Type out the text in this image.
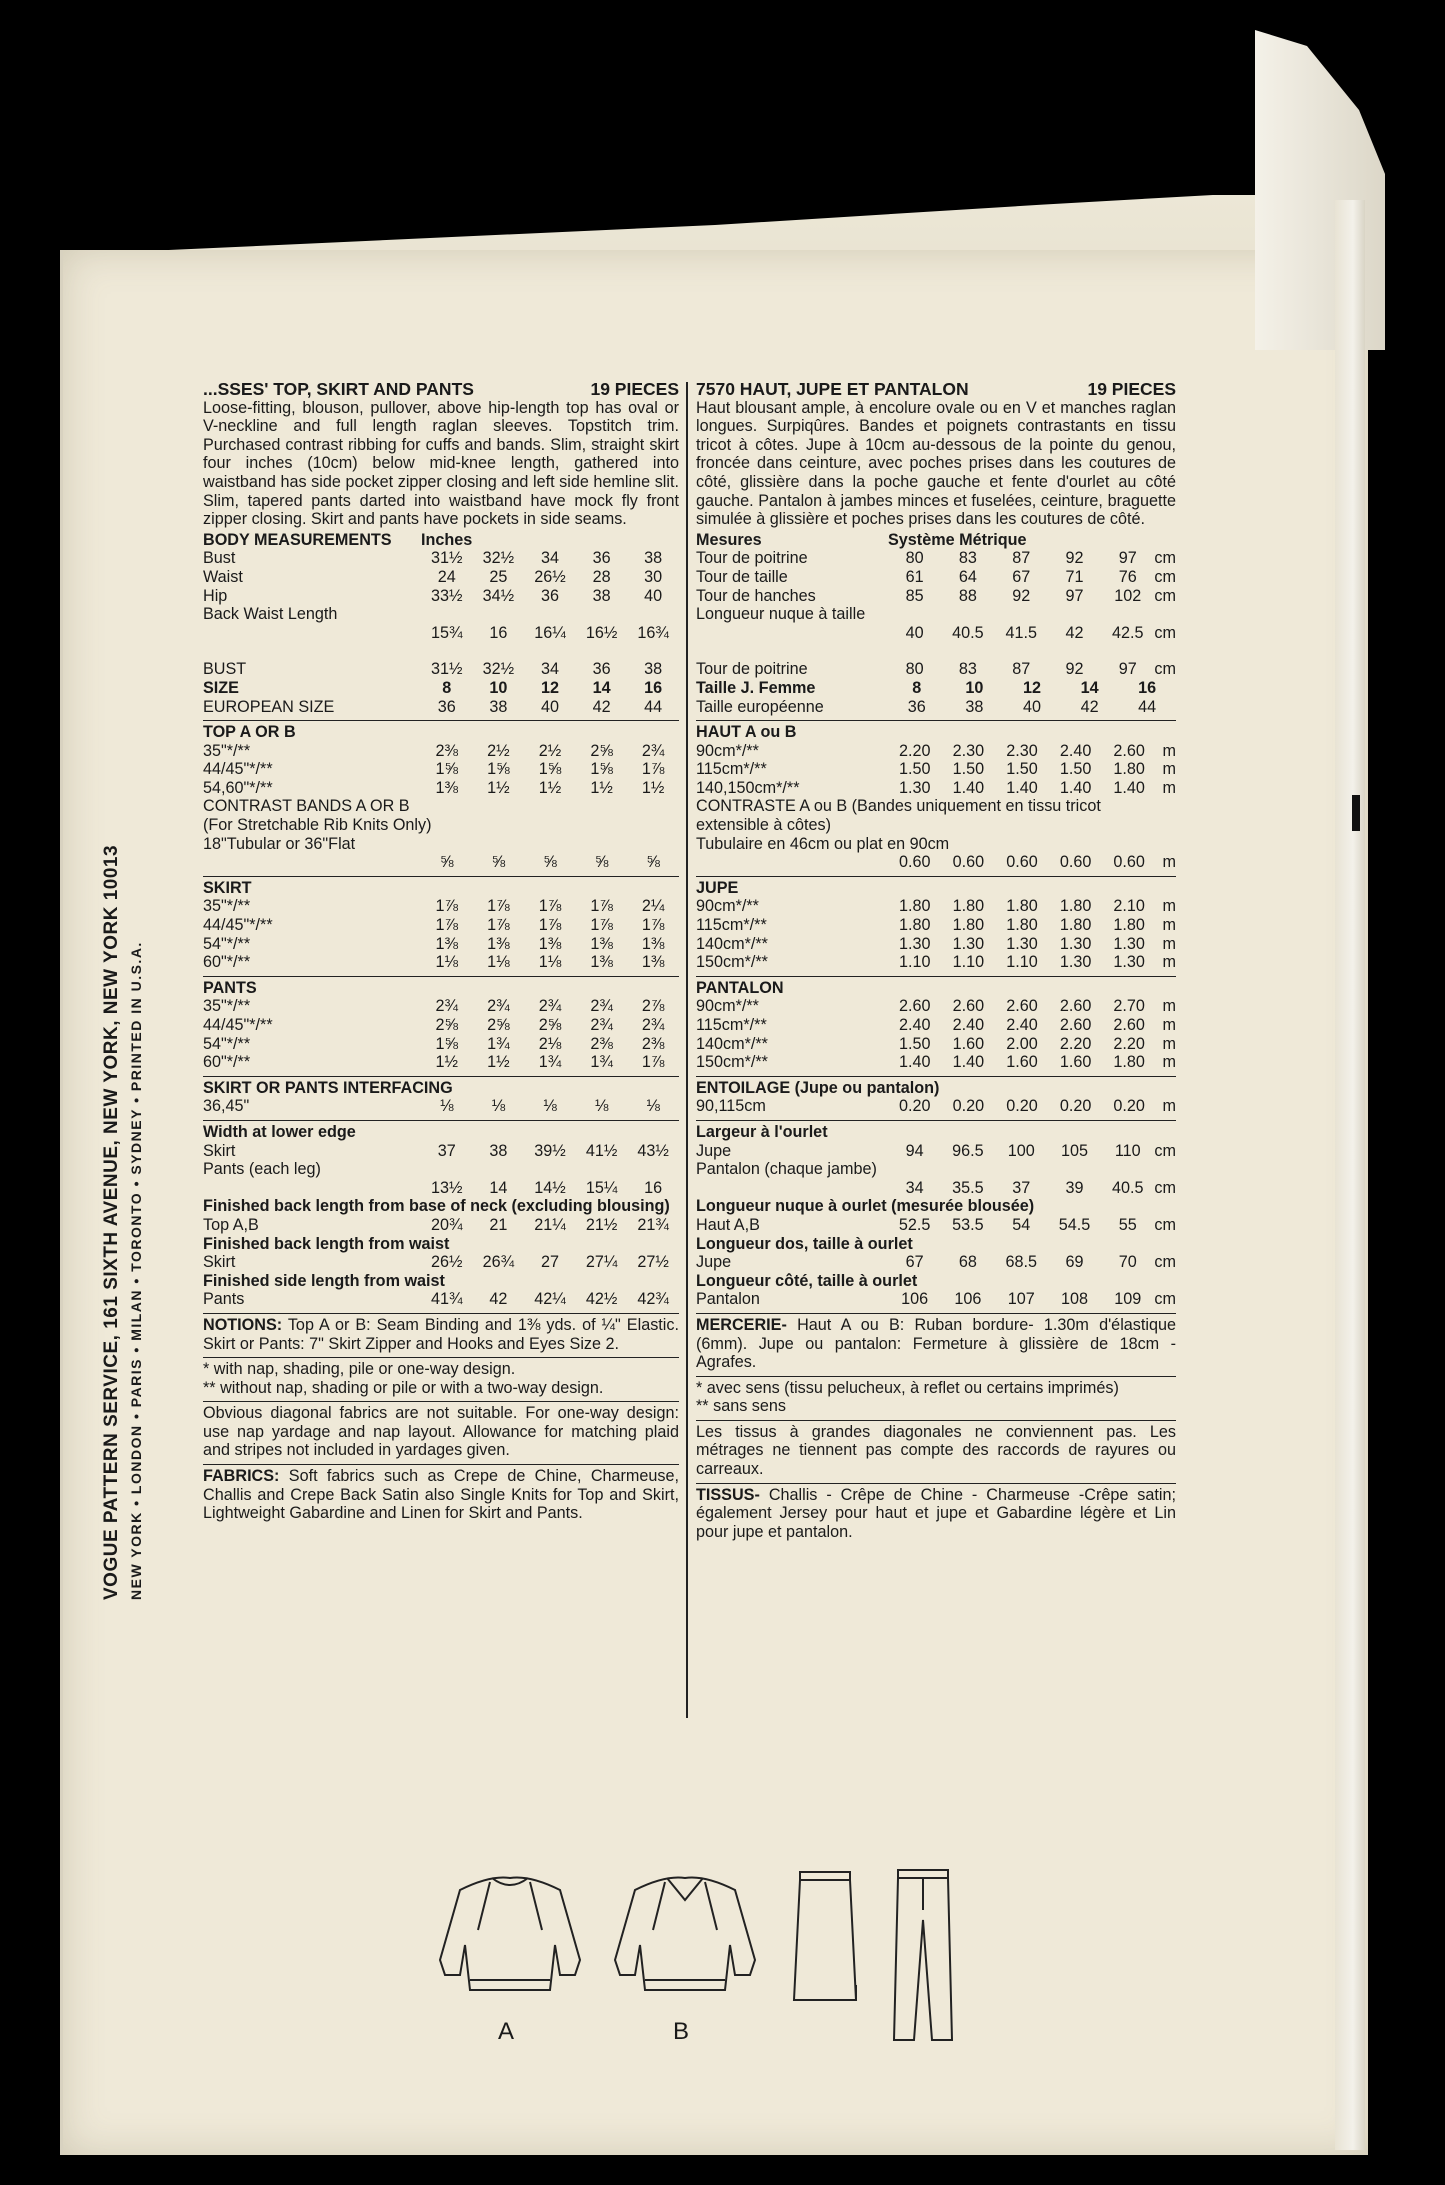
VOGUE PATTERN SERVICE, 161 SIXTH AVENUE, NEW YORK, NEW YORK 10013 NEW YORK • LONDON • PARIS • MILAN • TORONTO • SYDNEY • PRINTED IN U.S.A.
...SSES' TOP, SKIRT AND PANTS	19 PIECES
Loose-fitting, blouson, pullover, above hip-length top has oval or V-neckline and full length raglan sleeves. Topstitch trim. Purchased contrast ribbing for cuffs and bands. Slim, straight skirt four inches (10cm) below mid-knee length, gathered into waistband has side pocket zipper closing and left side hemline slit. Slim, tapered pants darted into waistband have mock fly front zipper closing. Skirt and pants have pockets in side seams.
BODY MEASUREMENTS	Inches
Bust	31½	32½	34	36	38
Waist	24	25	26½	28	30
Hip	33½	34½	36	38	40
Back Waist Length
15¾	16	16¼	16½	16¾
BUST	31½	32½	34	36	38
SIZE	8	10	12	14	16
EUROPEAN SIZE	36	38	40	42	44
TOP A OR B
35"*/**	2⅜	2½	2½	2⅝	2¾
44/45"*/**	1⅝	1⅝	1⅝	1⅝	1⅞
54,60"*/**	1⅜	1½	1½	1½	1½
CONTRAST BANDS A OR B
(For Stretchable Rib Knits Only)
18"Tubular or 36"Flat
⅝	⅝	⅝	⅝	⅝
SKIRT
35"*/**	1⅞	1⅞	1⅞	1⅞	2¼
44/45"*/**	1⅞	1⅞	1⅞	1⅞	1⅞
54"*/**	1⅜	1⅜	1⅜	1⅜	1⅜
60"*/**	1⅛	1⅛	1⅛	1⅜	1⅜
PANTS
35"*/**	2¾	2¾	2¾	2¾	2⅞
44/45"*/**	2⅝	2⅝	2⅝	2¾	2¾
54"*/**	1⅝	1¾	2⅛	2⅜	2⅜
60"*/**	1½	1½	1¾	1¾	1⅞
SKIRT OR PANTS INTERFACING
36,45"	⅛	⅛	⅛	⅛	⅛
Width at lower edge
Skirt	37	38	39½	41½	43½
Pants (each leg)
13½	14	14½	15¼	16
Finished back length from base of neck (excluding blousing)
Top A,B	20¾	21	21¼	21½	21¾
Finished back length from waist
Skirt	26½	26¾	27	27¼	27½
Finished side length from waist
Pants	41¾	42	42¼	42½	42¾
NOTIONS: Top A or B: Seam Binding and 1⅜ yds. of ¼" Elastic. Skirt or Pants: 7" Skirt Zipper and Hooks and Eyes Size 2.
* with nap, shading, pile or one-way design.
** without nap, shading or pile or with a two-way design.
Obvious diagonal fabrics are not suitable. For one-way design: use nap yardage and nap layout. Allowance for matching plaid and stripes not included in yardages given.
FABRICS: Soft fabrics such as Crepe de Chine, Charmeuse, Challis and Crepe Back Satin also Single Knits for Top and Skirt, Lightweight Gabardine and Linen for Skirt and Pants.
7570 HAUT, JUPE ET PANTALON	19 PIECES
Haut blousant ample, à encolure ovale ou en V et manches raglan longues. Surpiqûres. Bandes et poignets contrastants en tissu tricot à côtes. Jupe à 10cm au-dessous de la pointe du genou, froncée dans ceinture, avec poches prises dans les coutures de côté, glissière dans la poche gauche et fente d'ourlet au côté gauche. Pantalon à jambes minces et fuselées, ceinture, braguette simulée à glissière et poches prises dans les coutures de côté.
Mesures	Système Métrique
Tour de poitrine	80	83	87	92	97	cm
Tour de taille	61	64	67	71	76	cm
Tour de hanches	85	88	92	97	102 cm
Longueur nuque à taille
40	40.5	41.5	42	42.5 cm
Tour de poitrine	80	83	87	92	97	cm
Taille J. Femme	8	10	12	14	16
Taille européenne	36	38	40	42	44
HAUT A ou B
90cm*/**	2.20	2.30	2.30	2.40	2.60	m
115cm*/**	1.50	1.50	1.50	1.50	1.80	m
140,150cm*/**	1.30	1.40	1.40	1.40	1.40	m
CONTRASTE A ou B (Bandes uniquement en tissu tricot extensible à côtes)
Tubulaire en 46cm ou plat en 90cm
0.60	0.60	0.60	0.60	0.60	m
JUPE
90cm*/**	1.80	1.80	1.80	1.80	2.10	m
115cm*/**	1.80	1.80	1.80	1.80	1.80	m
140cm*/**	1.30	1.30	1.30	1.30	1.30	m
150cm*/**	1.10	1.10	1.10	1.30	1.30	m
PANTALON
90cm*/**	2.60	2.60	2.60	2.60	2.70	m
115cm*/**	2.40	2.40	2.40	2.60	2.60	m
140cm*/**	1.50	1.60	2.00	2.20	2.20	m
150cm*/**	1.40	1.40	1.60	1.60	1.80	m
ENTOILAGE (Jupe ou pantalon)
90,115cm	0.20	0.20	0.20	0.20	0.20	m
Largeur à l'ourlet
Jupe	94	96.5	100	105	110 cm
Pantalon (chaque jambe)
34	35.5	37	39	40.5 cm
Longueur nuque à ourlet (mesurée blousée)
Haut A,B	52.5	53.5	54	54.5	55	cm
Longueur dos, taille à ourlet
Jupe	67	68	68.5	69	70	cm
Longueur côté, taille à ourlet
Pantalon	106	106	107	108	109 cm
MERCERIE- Haut A ou B: Ruban bordure- 1.30m d'élastique (6mm). Jupe ou pantalon: Fermeture à glissière de 18cm - Agrafes.
* avec sens (tissu pelucheux, à reflet ou certains imprimés)
** sans sens
Les tissus à grandes diagonales ne conviennent pas. Les métrages ne tiennent pas compte des raccords de rayures ou carreaux.
TISSUS- Challis - Crêpe de Chine - Charmeuse -Crêpe satin; également Jersey pour haut et jupe et Gabardine légère et Lin pour jupe et pantalon.
A	B
